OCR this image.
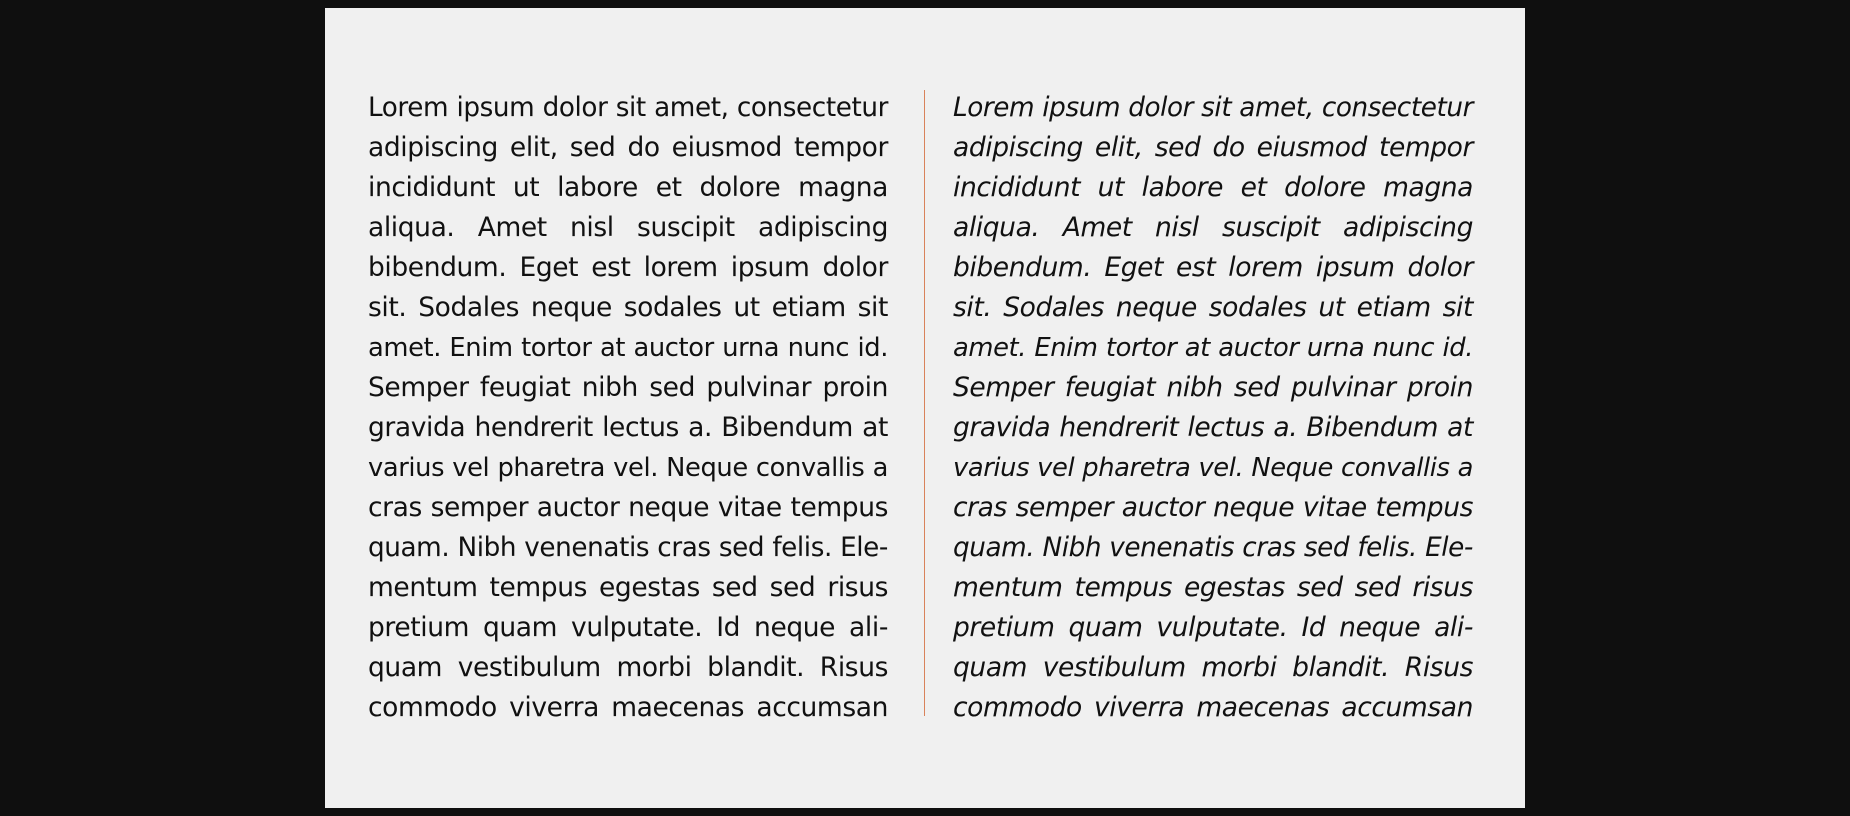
Lorem ipsum dolor sit amet, consectetur
adipiscing elit, sed do eiusmod tempor
incididunt ut labore et dolore magna
aliqua. Amet nisl suscipit adipiscing
bibendum. Eget est lorem ipsum dolor
sit. Sodales neque sodales ut etiam sit
amet. Enim tortor at auctor urna nunc id.
Semper feugiat nibh sed pulvinar proin
gravida hendrerit lectus a. Bibendum at
varius vel pharetra vel. Neque convallis a
cras semper auctor neque vitae tempus
quam. Nibh venenatis cras sed felis. Ele-
mentum tempus egestas sed sed risus
pretium quam vulputate. Id neque ali-
quam vestibulum morbi blandit. Risus
commodo viverra maecenas accumsan
Lorem ipsum dolor sit amet, consectetur
adipiscing elit, sed do eiusmod tempor
incididunt ut labore et dolore magna
aliqua. Amet nisl suscipit adipiscing
bibendum. Eget est lorem ipsum dolor
sit. Sodales neque sodales ut etiam sit
amet. Enim tortor at auctor urna nunc id.
Semper feugiat nibh sed pulvinar proin
gravida hendrerit lectus a. Bibendum at
varius vel pharetra vel. Neque convallis a
cras semper auctor neque vitae tempus
quam. Nibh venenatis cras sed felis. Ele-
mentum tempus egestas sed sed risus
pretium quam vulputate. Id neque ali-
quam vestibulum morbi blandit. Risus
commodo viverra maecenas accumsan
